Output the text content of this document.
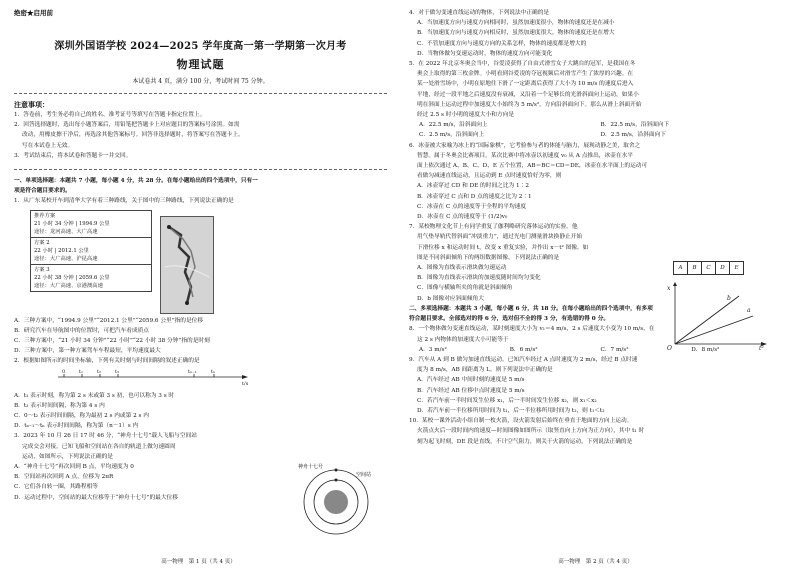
绝密★启用前
深圳外国语学校 2024—2025 学年度高一第一学期第一次月考
物理试题
本试卷共 4 页，满分 100 分，考试时间 75 分钟。
注意事项：

1．答卷前，考生务必将自己的姓名、准考证号等填写在答题卡指定位置上。

2．回答选择题时，选出每小题答案后，用铅笔把答题卡上对应题目的答案标号涂黑。如需

改动，用橡皮擦干净后，再选涂其他答案标号。回答非选择题时，将答案写在答题卡上。

写在本试卷上无效。

3．考试结束后，将本试卷和答题卡一并交回。

一、单项选择题：本题共 7 小题，每小题 4 分，共 28 分。在每小题给出的四个选项中，只有一

项是符合题目要求的。

1．从广东某校开车到清华大学有着三种路线，关于图中的三种路线，下列说法正确的是

推荐方案
21 小时 34 分钟 | 1994.9 公里
途径：龙河高速、大广高速
方案 2
22 小时 | 2012.1 公里
途径：大广高速、沪昆高速
方案 3
22 小时 38 分钟 | 2059.6 公里
途径：大广高速、京港澳高速

A．三种方案中，“1994.9 公里”“2012.1 公里”“2059.6 公里”指的是位移

B．研究汽车在导航图中的位置时，可把汽车看成质点

C．三种方案中，“21 小时 34 分钟”“22 小时”“22 小时 38 分钟”指的是时刻

D．三种方案中，第一种方案驾车车程最短，平均速度最大

2．根据如图所示的时间坐标轴，下列有关时刻与时间间隔的叙述正确的是

0	t₁	t₂	t₃	tₙ₋₁	tₙ
t/s

A．t₂ 表示时刻，称为第 2 s 末或第 3 s 初，也可以称为 3 s 时

B．t₃ 表示时间间隔，称为第 4 s 内

C．0～t₂ 表示时间间隔，称为最初 2 s 内或第 2 s 内

D．tₙ₋₁～tₙ 表示时间间隔，称为第（n－1）s 内

3．2023 年 10 月 26 日 17 时 46 分，“神舟十七号”载人飞船与空间站

完成交会对接。已知飞船和空间站在各自的轨道上做匀速圆周

运动，如图所示，下列说法正确的是

A．“神舟十七号”再次回到 B 点，平均速度为 0

B．空间站再次回到 A 点，位移为 2πR

C．它们各自转一圈，其路程相等

D．运动过程中，空间站的最大位移等于“神舟十七号”的最大位移

神舟十七号
空间站
高一物理　第 1 页（共 4 页）

4．对于做匀变速直线运动的物体，下列说法中正确的是

A．当加速度方向与速度方向相同时，虽然加速度很小，物体的速度还是在减小

B．当加速度方向与速度方向相反时，虽然加速度很大，物体的速度还是在增大

C．不管加速度方向与速度方向的关系怎样，物体的速度都是增大的

D．当物体做匀变速运动时，物体的速度方向可能变化

5．在 2022 年北京冬奥会当中，谷爱凌获得了自由式滑雪女子大跳台的冠军，是我国在冬

奥会上取得的第三枚金牌。小明看到谷爱凌的夺冠视频后对滑雪产生了浓厚的兴趣。在

某一处滑雪场中，小明在原地往下滑了一定距离后获得了大小为 10 m/s 的速度后进入

平地，经过一段平地之后速度没有衰减，又沿着一个足够长的光滑斜面向上运动，如果小

明在斜面上运动过程中加速度大小始终为 5 m/s²，方向沿斜面向下。那么从滑上斜面开始

经过 2.5 s 时小明的速度大小和方向是

A．22.5 m/s，沿斜面向上	B．22.5 m/s，沿斜面向下
C．2.5 m/s，沿斜面向上	D．2.5 m/s，沿斜面向下

6．冰壶被大家喻为冰上的“国际象棋”，它考验参与者的体能与脑力，展现动静之美，取舍之

智慧。属于冬奥会比赛项目。某次比赛中将冰壶以初速度 v₀ 从 A 点推出，冰壶在水平

面上依次通过 A、B、C、D、E 五个位置，AB＝BC＝CD＝DE，冰壶在水平面上的运动可

看做匀减速直线运动，且运动到 E 点时速度恰好为零，则

A．冰壶穿过 CD 和 DE 的时间之比为 1∶2

B．冰壶穿过 C 点和 D 点的速度之比为 2∶1

C．冰壶在 C 点的速度等于全程的平均速度

D．冰壶在 C 点的速度等于 (1/2)v₀

A B C D E

7．某校物理文化节上有同学重复了伽利略研究落体运动的实验。他

用气垫导轨代替斜面“冲淡重力”，通过光电门测量滑块换静止开始

下滑位移 x 和运动时间 t，改变 x 重复实验，并作出 x－t² 图像。如

图是不同斜面倾角下的两组数据图像。下列说法正确的是

A．图像为直线表示滑块做匀速运动

B．图像为直线表示滑块的加速度随时间均匀变化

C．图像与横轴所夹的角就是斜面倾角

D．b 图像对应斜面倾角大

x
b
a
O	t²

二、多项选择题：本题共 3 小题，每小题 6 分，共 18 分。在每小题给出的四个选项中，有多项

符合题目要求。全部选对的得 6 分，选对但不全的得 3 分，有选错的得 0 分。

8．一个物体做匀变速直线运动，某时刻速度大小为 v₁＝4 m/s，2 s 后速度大小变为 10 m/s，在

这 2 s 内物体的加速度大小可能等于

A．3 m/s²	B．6 m/s²	C．7 m/s²	D．8 m/s²

9．汽车从 A 到 B 做匀加速直线运动。已知汽车经过 A 点时速度为 2 m/s，经过 B 点时速

度为 8 m/s，AB 间距离为 L。则下列说法中正确的是

A．汽车经过 AB 中间时刻的速度是 5 m/s

B．汽车经过 AB 位移中点时速度是 5 m/s

C．若汽车前一半时间发生位移 x₁，后一半时间发生位移 x₂，则 x₁＜x₂

D．若汽车前一半位移所用时间为 t₁，后一半位移所用时间为 t₂，则 t₁＜t₂

10．某校一课外活动小组自制一枚火箭，设火箭发射后始终在垂直于地面的方向上运动。

火箭点火后一段时间内的速度—时间图像如图所示（取竖直向上方向为正方向），其中 t₁ 时

刻为起飞时刻，DE 段是直线，不计空气阻力，则关于火箭的运动，下列说法正确的是

高一物理　第 2 页（共 4 页）
